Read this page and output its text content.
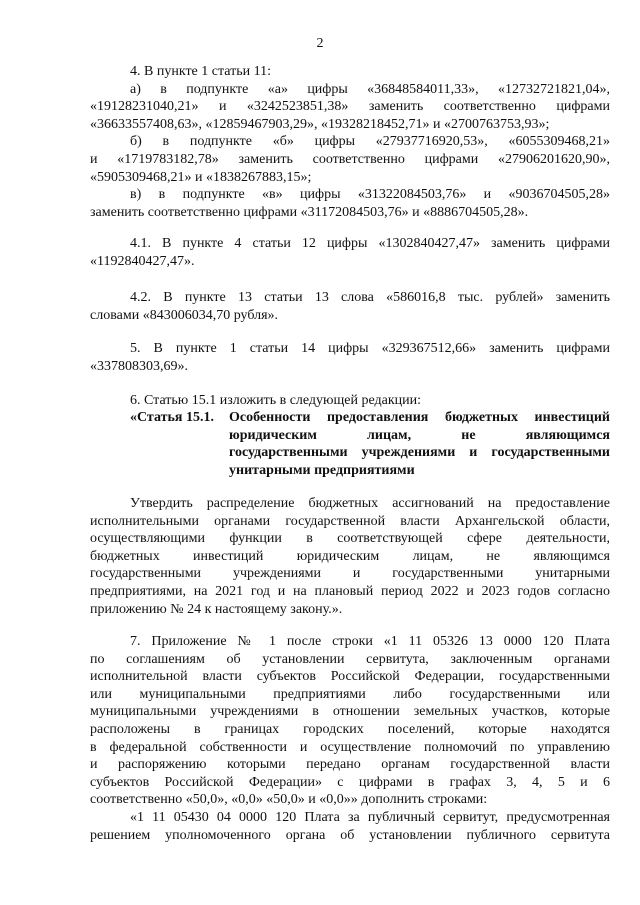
2
4. В пункте 1 статьи 11:
а) в подпункте «а» цифры «36848584011,33», «12732721821,04»,
«19128231040,21» и «3242523851,38» заменить соответственно цифрами
«36633557408,63», «12859467903,29», «19328218452,71» и «2700763753,93»;
б) в подпункте «б» цифры «27937716920,53», «6055309468,21»
и «1719783182,78» заменить соответственно цифрами «27906201620,90»,
«5905309468,21» и «1838267883,15»;
в) в подпункте «в» цифры «31322084503,76» и «9036704505,28»
заменить соответственно цифрами «31172084503,76» и «8886704505,28».
4.1. В пункте 4 статьи 12 цифры «1302840427,47» заменить цифрами
«1192840427,47».
4.2. В пункте 13 статьи 13 слова «586016,8 тыс. рублей» заменить
словами «843006034,70 рубля».
5. В пункте 1 статьи 14 цифры «329367512,66» заменить цифрами
«337808303,69».
6. Статью 15.1 изложить в следующей редакции:
«Статья 15.1. Особенности предоставления бюджетных инвестиций
юридическим лицам, не являющимся
государственными учреждениями и государственными
унитарными предприятиями
Утвердить распределение бюджетных ассигнований на предоставление
исполнительными органами государственной власти Архангельской области,
осуществляющими функции в соответствующей сфере деятельности,
бюджетных инвестиций юридическим лицам, не являющимся
государственными учреждениями и государственными унитарными
предприятиями, на 2021 год и на плановый период 2022 и 2023 годов согласно
приложению № 24 к настоящему закону.».
7. Приложение № 1 после строки «1 11 05326 13 0000 120 Плата
по соглашениям об установлении сервитута, заключенным органами
исполнительной власти субъектов Российской Федерации, государственными
или муниципальными предприятиями либо государственными или
муниципальными учреждениями в отношении земельных участков, которые
расположены в границах городских поселений, которые находятся
в федеральной собственности и осуществление полномочий по управлению
и распоряжению которыми передано органам государственной власти
субъектов Российской Федерации» с цифрами в графах 3, 4, 5 и 6
соответственно «50,0», «0,0» «50,0» и «0,0»» дополнить строками:
«1 11 05430 04 0000 120 Плата за публичный сервитут, предусмотренная
решением уполномоченного органа об установлении публичного сервитута
